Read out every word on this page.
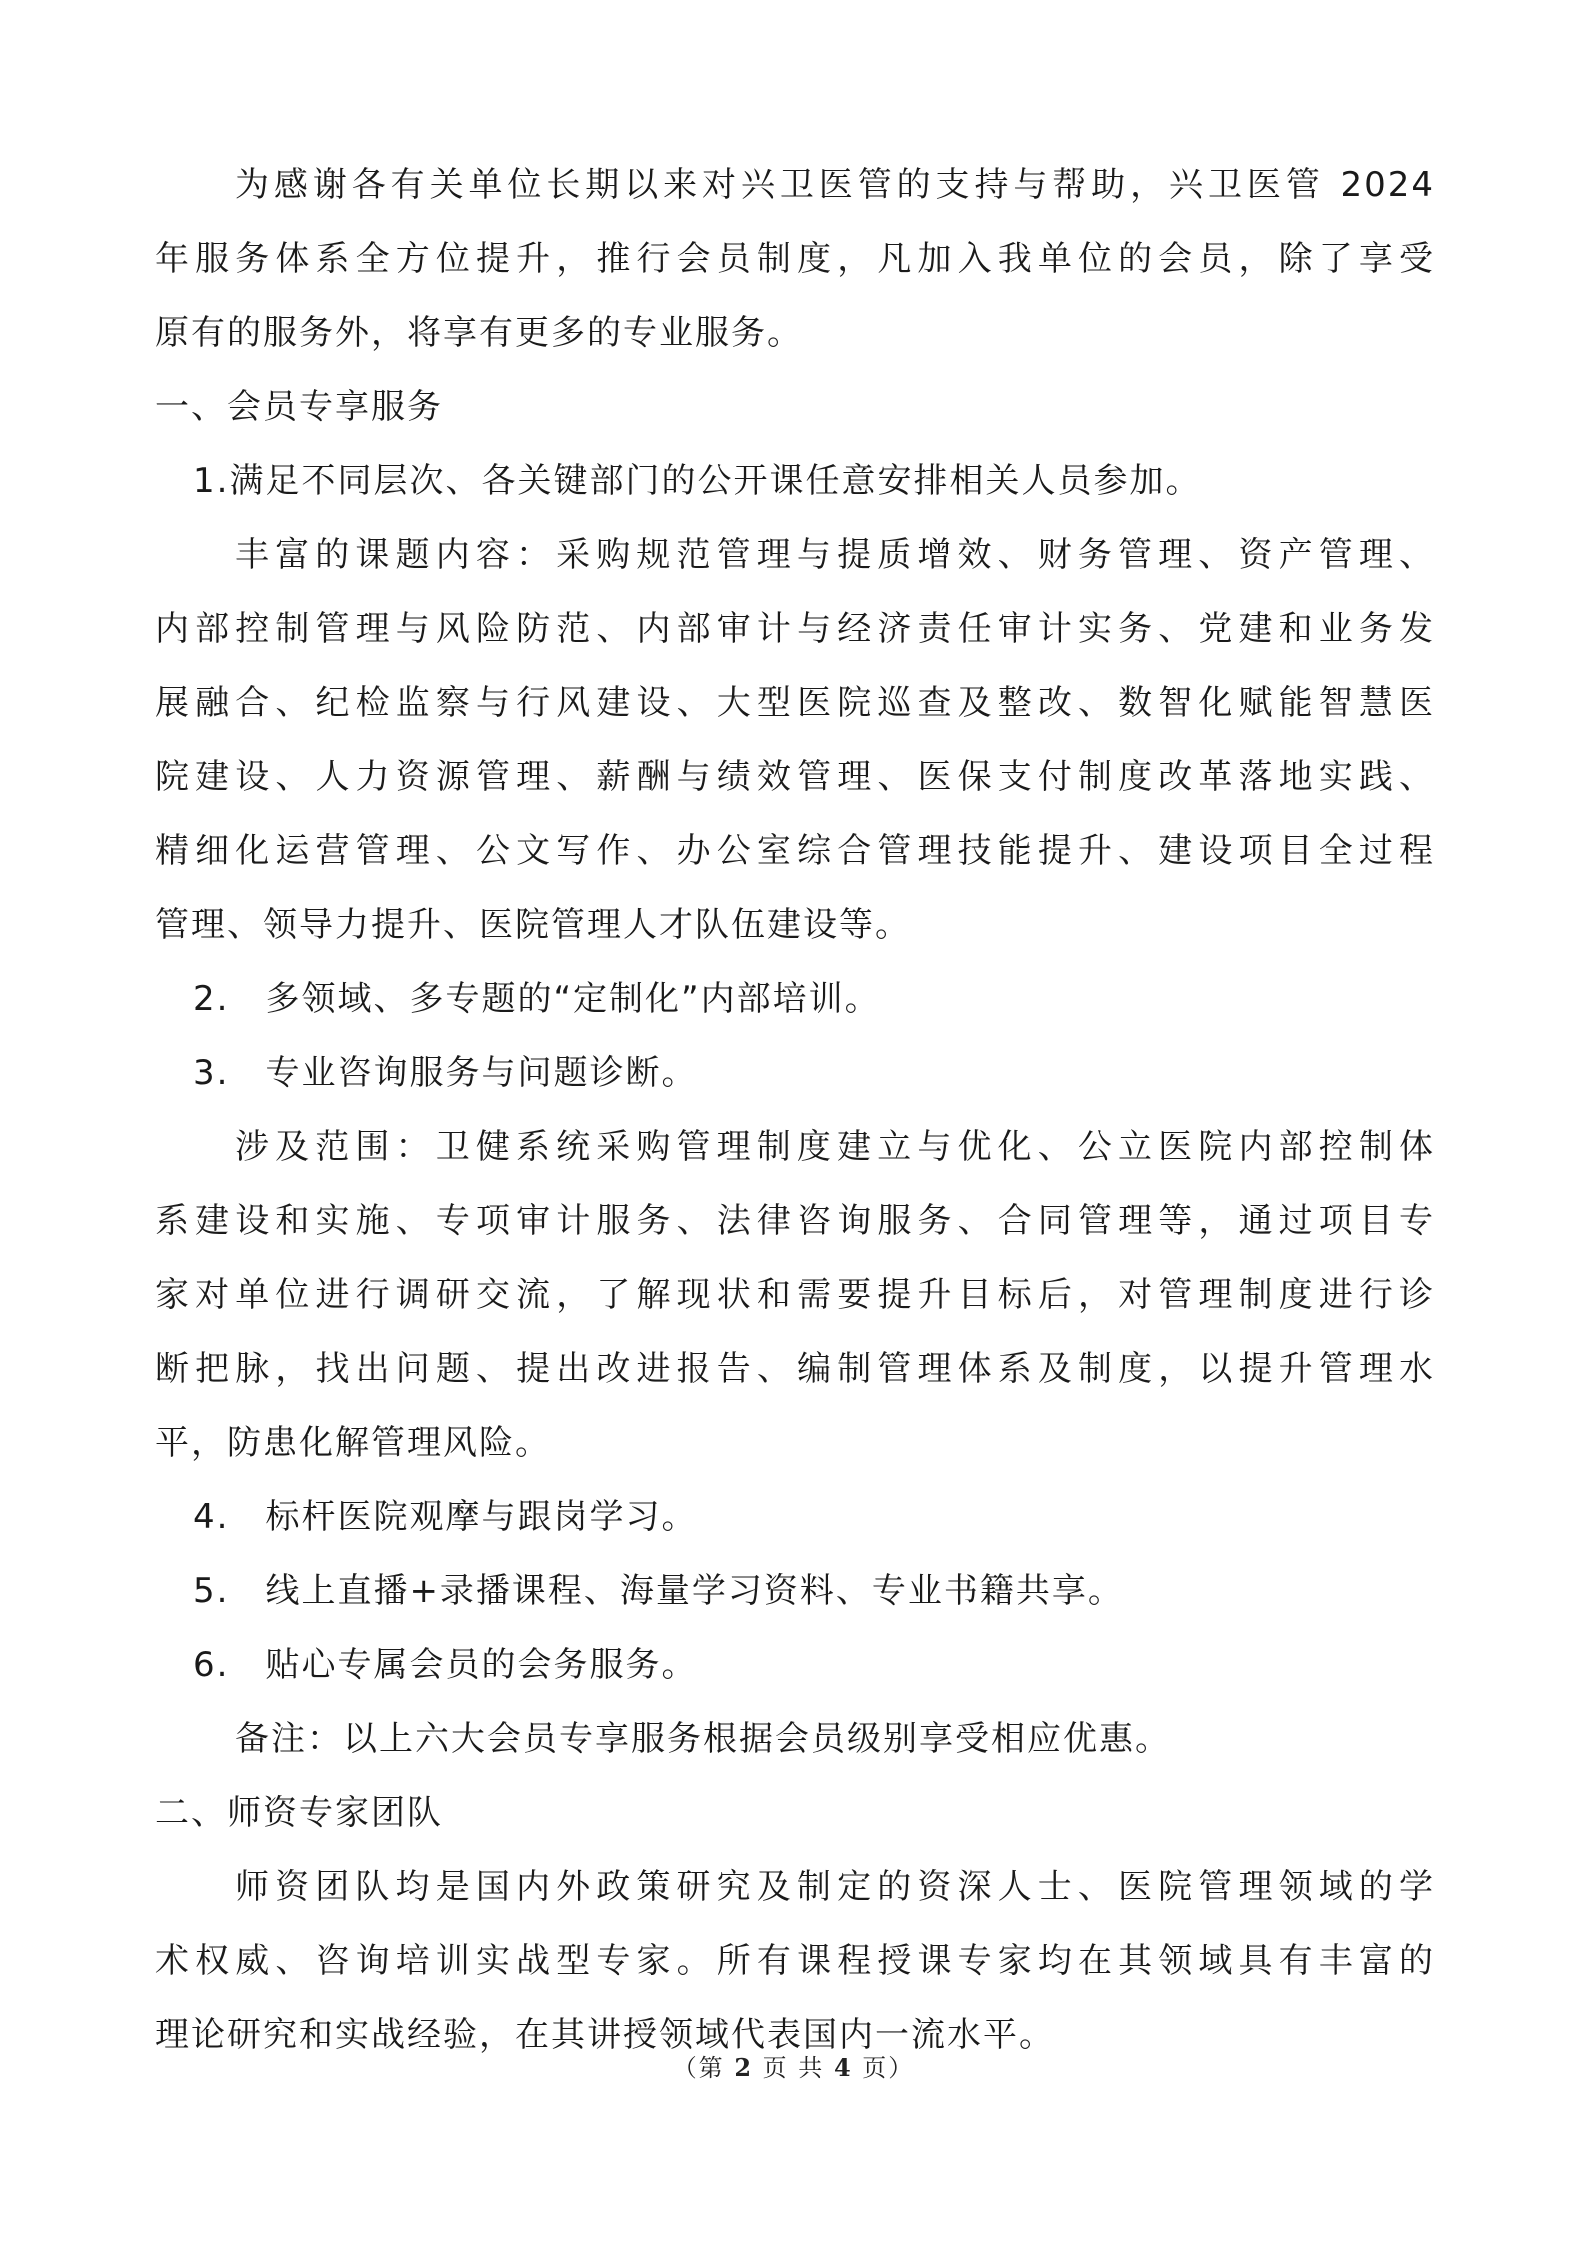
为感谢各有关单位长期以来对兴卫医管的支持与帮助，兴卫医管 2024
年服务体系全方位提升，推行会员制度，凡加入我单位的会员，除了享受
原有的服务外，将享有更多的专业服务。
一、会员专享服务
1.满足不同层次、各关键部门的公开课任意安排相关人员参加。
丰富的课题内容：采购规范管理与提质增效、财务管理、资产管理、
内部控制管理与风险防范、内部审计与经济责任审计实务、党建和业务发
展融合、纪检监察与行风建设、大型医院巡查及整改、数智化赋能智慧医
院建设、人力资源管理、薪酬与绩效管理、医保支付制度改革落地实践、
精细化运营管理、公文写作、办公室综合管理技能提升、建设项目全过程
管理、领导力提升、医院管理人才队伍建设等。
2.　多领域、多专题的“定制化”内部培训。
3.　专业咨询服务与问题诊断。
涉及范围：卫健系统采购管理制度建立与优化、公立医院内部控制体
系建设和实施、专项审计服务、法律咨询服务、合同管理等，通过项目专
家对单位进行调研交流，了解现状和需要提升目标后，对管理制度进行诊
断把脉，找出问题、提出改进报告、编制管理体系及制度，以提升管理水
平，防患化解管理风险。
4.　标杆医院观摩与跟岗学习。
5.　线上直播+录播课程、海量学习资料、专业书籍共享。
6.　贴心专属会员的会务服务。
备注：以上六大会员专享服务根据会员级别享受相应优惠。
二、师资专家团队
师资团队均是国内外政策研究及制定的资深人士、医院管理领域的学
术权威、咨询培训实战型专家。所有课程授课专家均在其领域具有丰富的
理论研究和实战经验，在其讲授领域代表国内一流水平。
（第 2 页 共 4 页）
